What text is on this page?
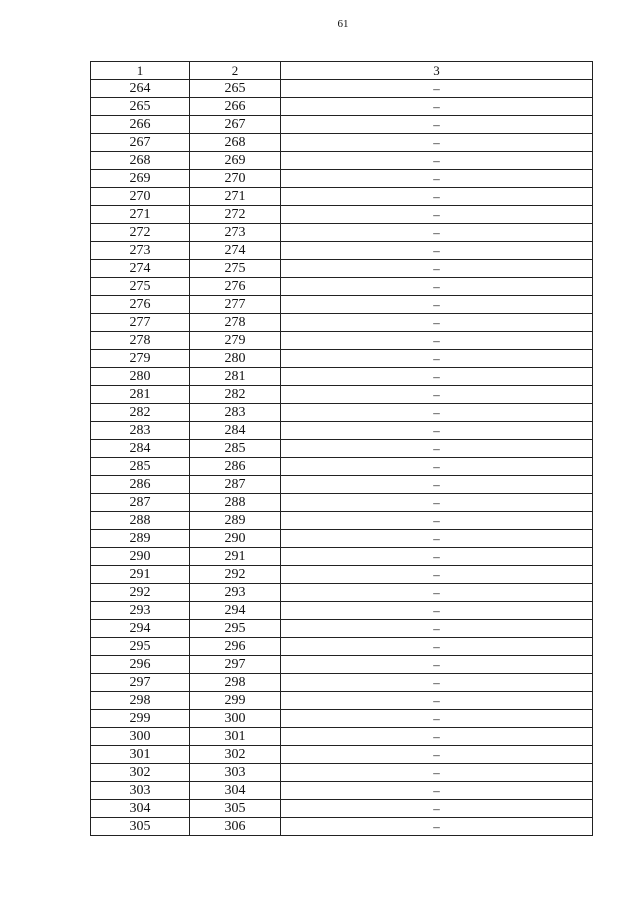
61
1	2	3
264	265	–
265	266	–
266	267	–
267	268	–
268	269	–
269	270	–
270	271	–
271	272	–
272	273	–
273	274	–
274	275	–
275	276	–
276	277	–
277	278	–
278	279	–
279	280	–
280	281	–
281	282	–
282	283	–
283	284	–
284	285	–
285	286	–
286	287	–
287	288	–
288	289	–
289	290	–
290	291	–
291	292	–
292	293	–
293	294	–
294	295	–
295	296	–
296	297	–
297	298	–
298	299	–
299	300	–
300	301	–
301	302	–
302	303	–
303	304	–
304	305	–
305	306	–
